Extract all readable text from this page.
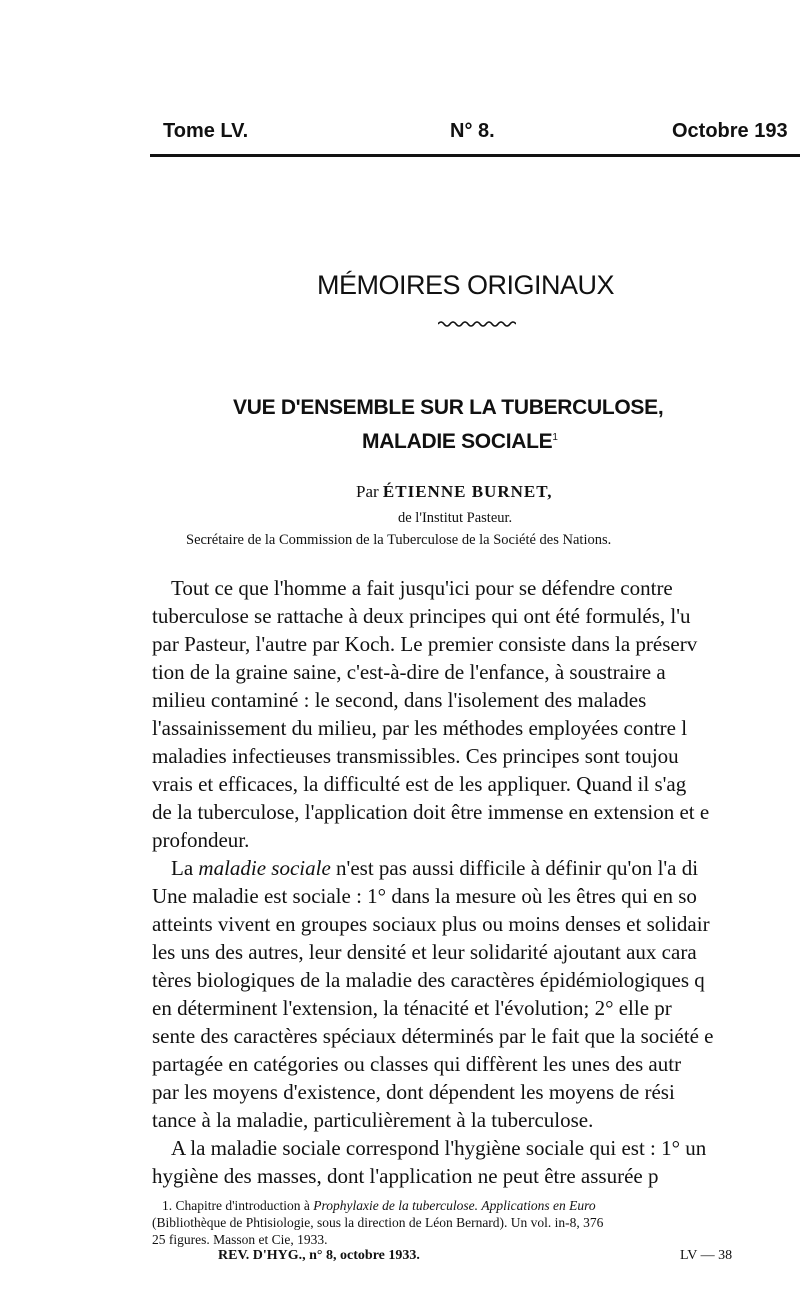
Tome LV.	N° 8.	Octobre 193
MÉMOIRES ORIGINAUX
VUE D'ENSEMBLE SUR LA TUBERCULOSE,
MALADIE SOCIALE$^1$
Par ÉTIENNE BURNET,
de l'Institut Pasteur.
Secrétaire de la Commission de la Tuberculose de la Société des Nations.
Tout ce que l'homme a fait jusqu'ici pour se défendre contre
tuberculose se rattache à deux principes qui ont été formulés, l'u
par Pasteur, l'autre par Koch. Le premier consiste dans la préserv
tion de la graine saine, c'est-à-dire de l'enfance, à soustraire a
milieu contaminé : le second, dans l'isolement des malades
l'assainissement du milieu, par les méthodes employées contre l
maladies infectieuses transmissibles. Ces principes sont toujou
vrais et efficaces, la difficulté est de les appliquer. Quand il s'ag
de la tuberculose, l'application doit être immense en extension et e
profondeur.
La maladie sociale n'est pas aussi difficile à définir qu'on l'a di
Une maladie est sociale : 1° dans la mesure où les êtres qui en so
atteints vivent en groupes sociaux plus ou moins denses et solidair
les uns des autres, leur densité et leur solidarité ajoutant aux cara
tères biologiques de la maladie des caractères épidémiologiques q
en déterminent l'extension, la ténacité et l'évolution; 2° elle pr
sente des caractères spéciaux déterminés par le fait que la société e
partagée en catégories ou classes qui diffèrent les unes des autr
par les moyens d'existence, dont dépendent les moyens de rési
tance à la maladie, particulièrement à la tuberculose.
A la maladie sociale correspond l'hygiène sociale qui est : 1° un
hygiène des masses, dont l'application ne peut être assurée p
1. Chapitre d'introduction à Prophylaxie de la tuberculose. Applications en Euro
(Bibliothèque de Phtisiologie, sous la direction de Léon Bernard). Un vol. in-8, 376
25 figures. Masson et Cie, 1933.
REV. D'HYG., n° 8, octobre 1933.	LV — 38
